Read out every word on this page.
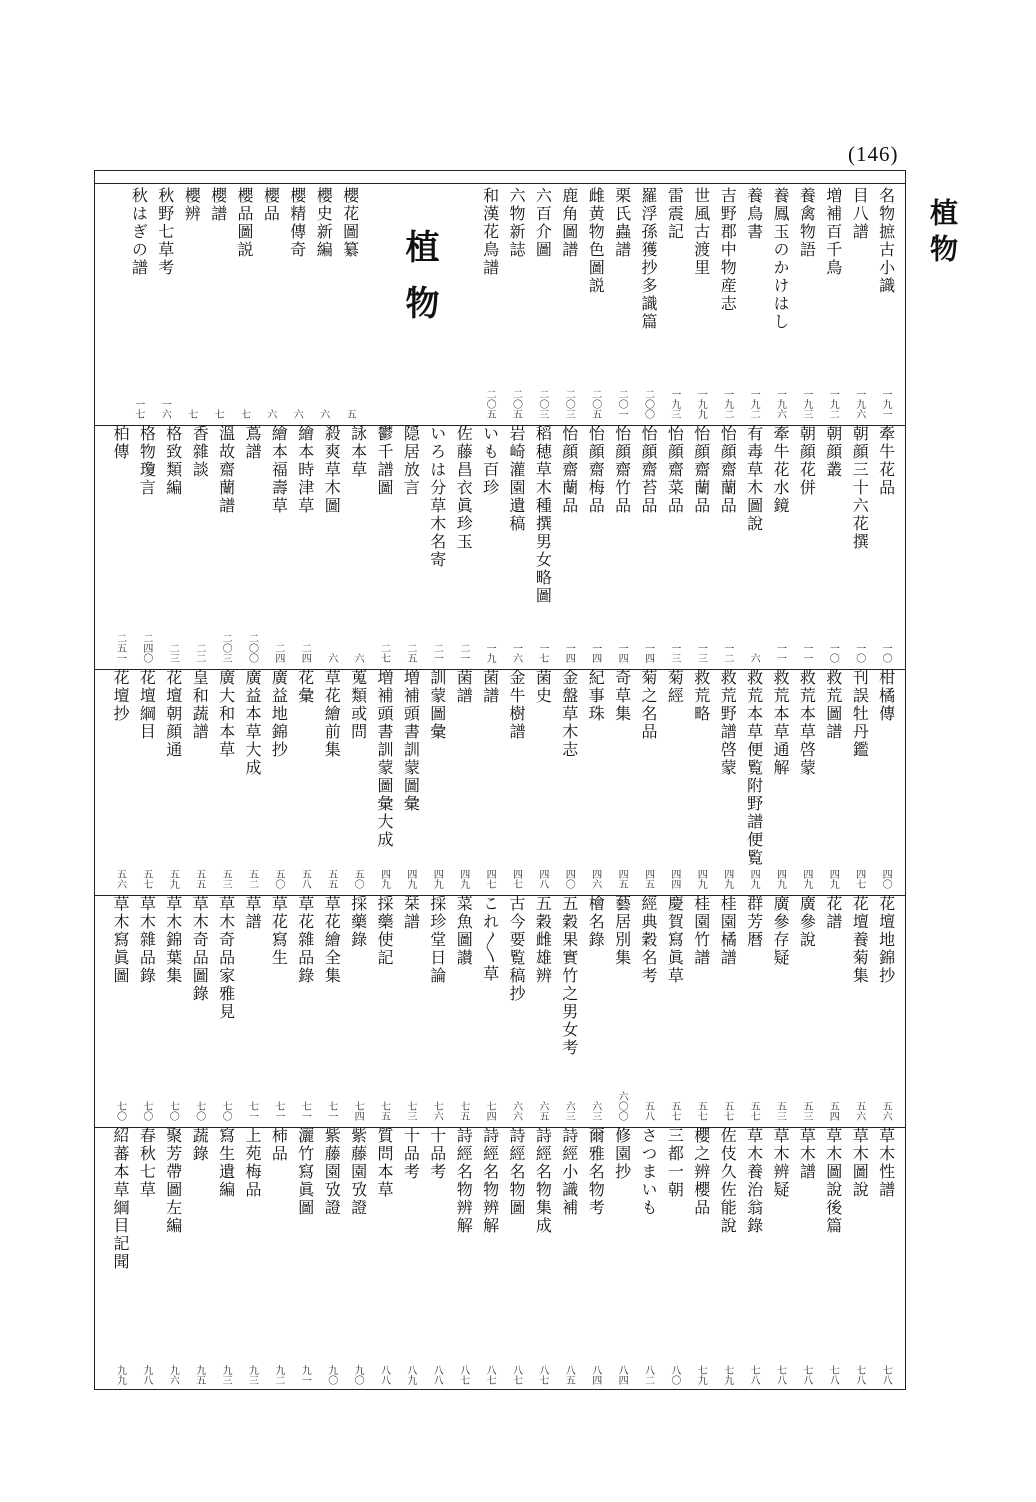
(146)
植物
植物	名物摭古小識
一九一
目八譜
一九六
増補百千鳥
一九二
養禽物語
一九三
養鳳玉のかけはし
一九六
養鳥書
一九二
吉野郡中物産志
一九二
世風古渡里
一九九
雷震記
一九三
羅浮孫獲抄多識篇
二〇〇
栗氏蟲譜
二〇一
雌黄物色圖説
二〇五
鹿角圖譜
二〇三
六百介圖
二〇三
六物新誌
二〇五
和漢花鳥譜
二〇五
櫻花圖纂
五
櫻史新編
六
櫻精傳奇
六
櫻品
六
櫻品圖説
七
櫻譜
七
櫻辨
七
秋野七草考
一六
秋はぎの譜
一七
牽牛花品
一〇
朝顔三十六花撰
一〇
朝顔叢
一〇
朝顔花併
一一
牽牛花水鏡
一一
有毒草木圖說
六
怡顔齋蘭品
一二
怡顔齋蘭品
一三
怡顔齋菜品
一三
怡顔齋苔品
一四
怡顔齋竹品
一四
怡顔齋梅品
一四
怡顔齋蘭品
一四
稻穂草木種撰男女略圖
一七
岩崎灌園遺稿
一六
いも百珍
一九
佐藤昌衣眞珍玉
二一
いろは分草木名寄
二一
隠居放言
二五
鬱千譜圖
二七
詠本草
六
殺爽草木圖
六
繪本時津草
二四
繪本福壽草
二四
蔦譜
二〇〇
溫故齋蘭譜
二〇三
香雜談
二二
格致類編
二三
格物瓊言
二四〇
柏傳
二五一
柑橘傳
四〇
刊誤牡丹鑑
四七
救荒圖譜
四九
救荒本草啓蒙
四九
救荒本草通解
四九
救荒本草便覧附野譜便覧
四九
救荒野譜啓蒙
四九
救荒略
四九
菊經
四四
菊之名品
四五
奇草集
四五
紀事珠
四六
金盤草木志
四〇
菌史
四八
金牛樹譜
四七
菌譜
四七
菌譜
四九
訓蒙圖彙
四九
増補頭書訓蒙圖彙
四九
増補頭書訓蒙圖彙大成
四九
蒐類或問
五〇
草花繪前集
五五
花彙
五八
廣益地錦抄
五〇
廣益本草大成
五二
廣大和本草
五三
皇和蔬譜
五五
花壇朝顔通
五九
花壇綱目
五七
花壇抄
五六
花壇地錦抄
五六
花壇養菊集
五六
花譜
五四
廣參說
五三
廣參存疑
五三
群芳暦
五七
桂園橘譜
五七
桂園竹譜
五七
慶賀寫眞草
五七
經典穀名考
五八
藝居別集
六〇〇
檜名錄
六三
五穀果實竹之男女考
六三
五穀雌雄辨
六五
古今要覧稿抄
六六
これ〳〵草
七四
菜魚圖讃
七五
採珍堂日論
七六
栞譜
七三
採藥使記
七五
採藥錄
七四
草花繪全集
七一
草花雜品錄
七一
草花寫生
七一
草譜
七一
草木奇品家雅見
七〇
草木奇品圖錄
七〇
草木錦葉集
七〇
草木雜品錄
七〇
草木寫眞圖
七〇
草木性譜
七八
草木圖說
七八
草木圖說後篇
七八
草木譜
七八
草木辨疑
七八
草木養治翁錄
七八
佐伎久佐能說
七九
櫻之辨櫻品
七九
三都一朝
八〇
さつまいも
八二
修園抄
八四
爾雅名物考
八四
詩經小識補
八五
詩經名物集成
八七
詩經名物圖
八七
詩經名物辨解
八七
詩經名物辨解
八七
十品考
八八
十品考
八九
質問本草
八八
紫藤園攷證
九〇
紫藤園攷證
九〇
灑竹寫眞圖
九一
柿品
九二
上苑梅品
九三
寫生遺編
九三
蔬錄
九五
聚芳帶圖左編
九六
春秋七草
九八
紹蕃本草綱目記聞
九九
